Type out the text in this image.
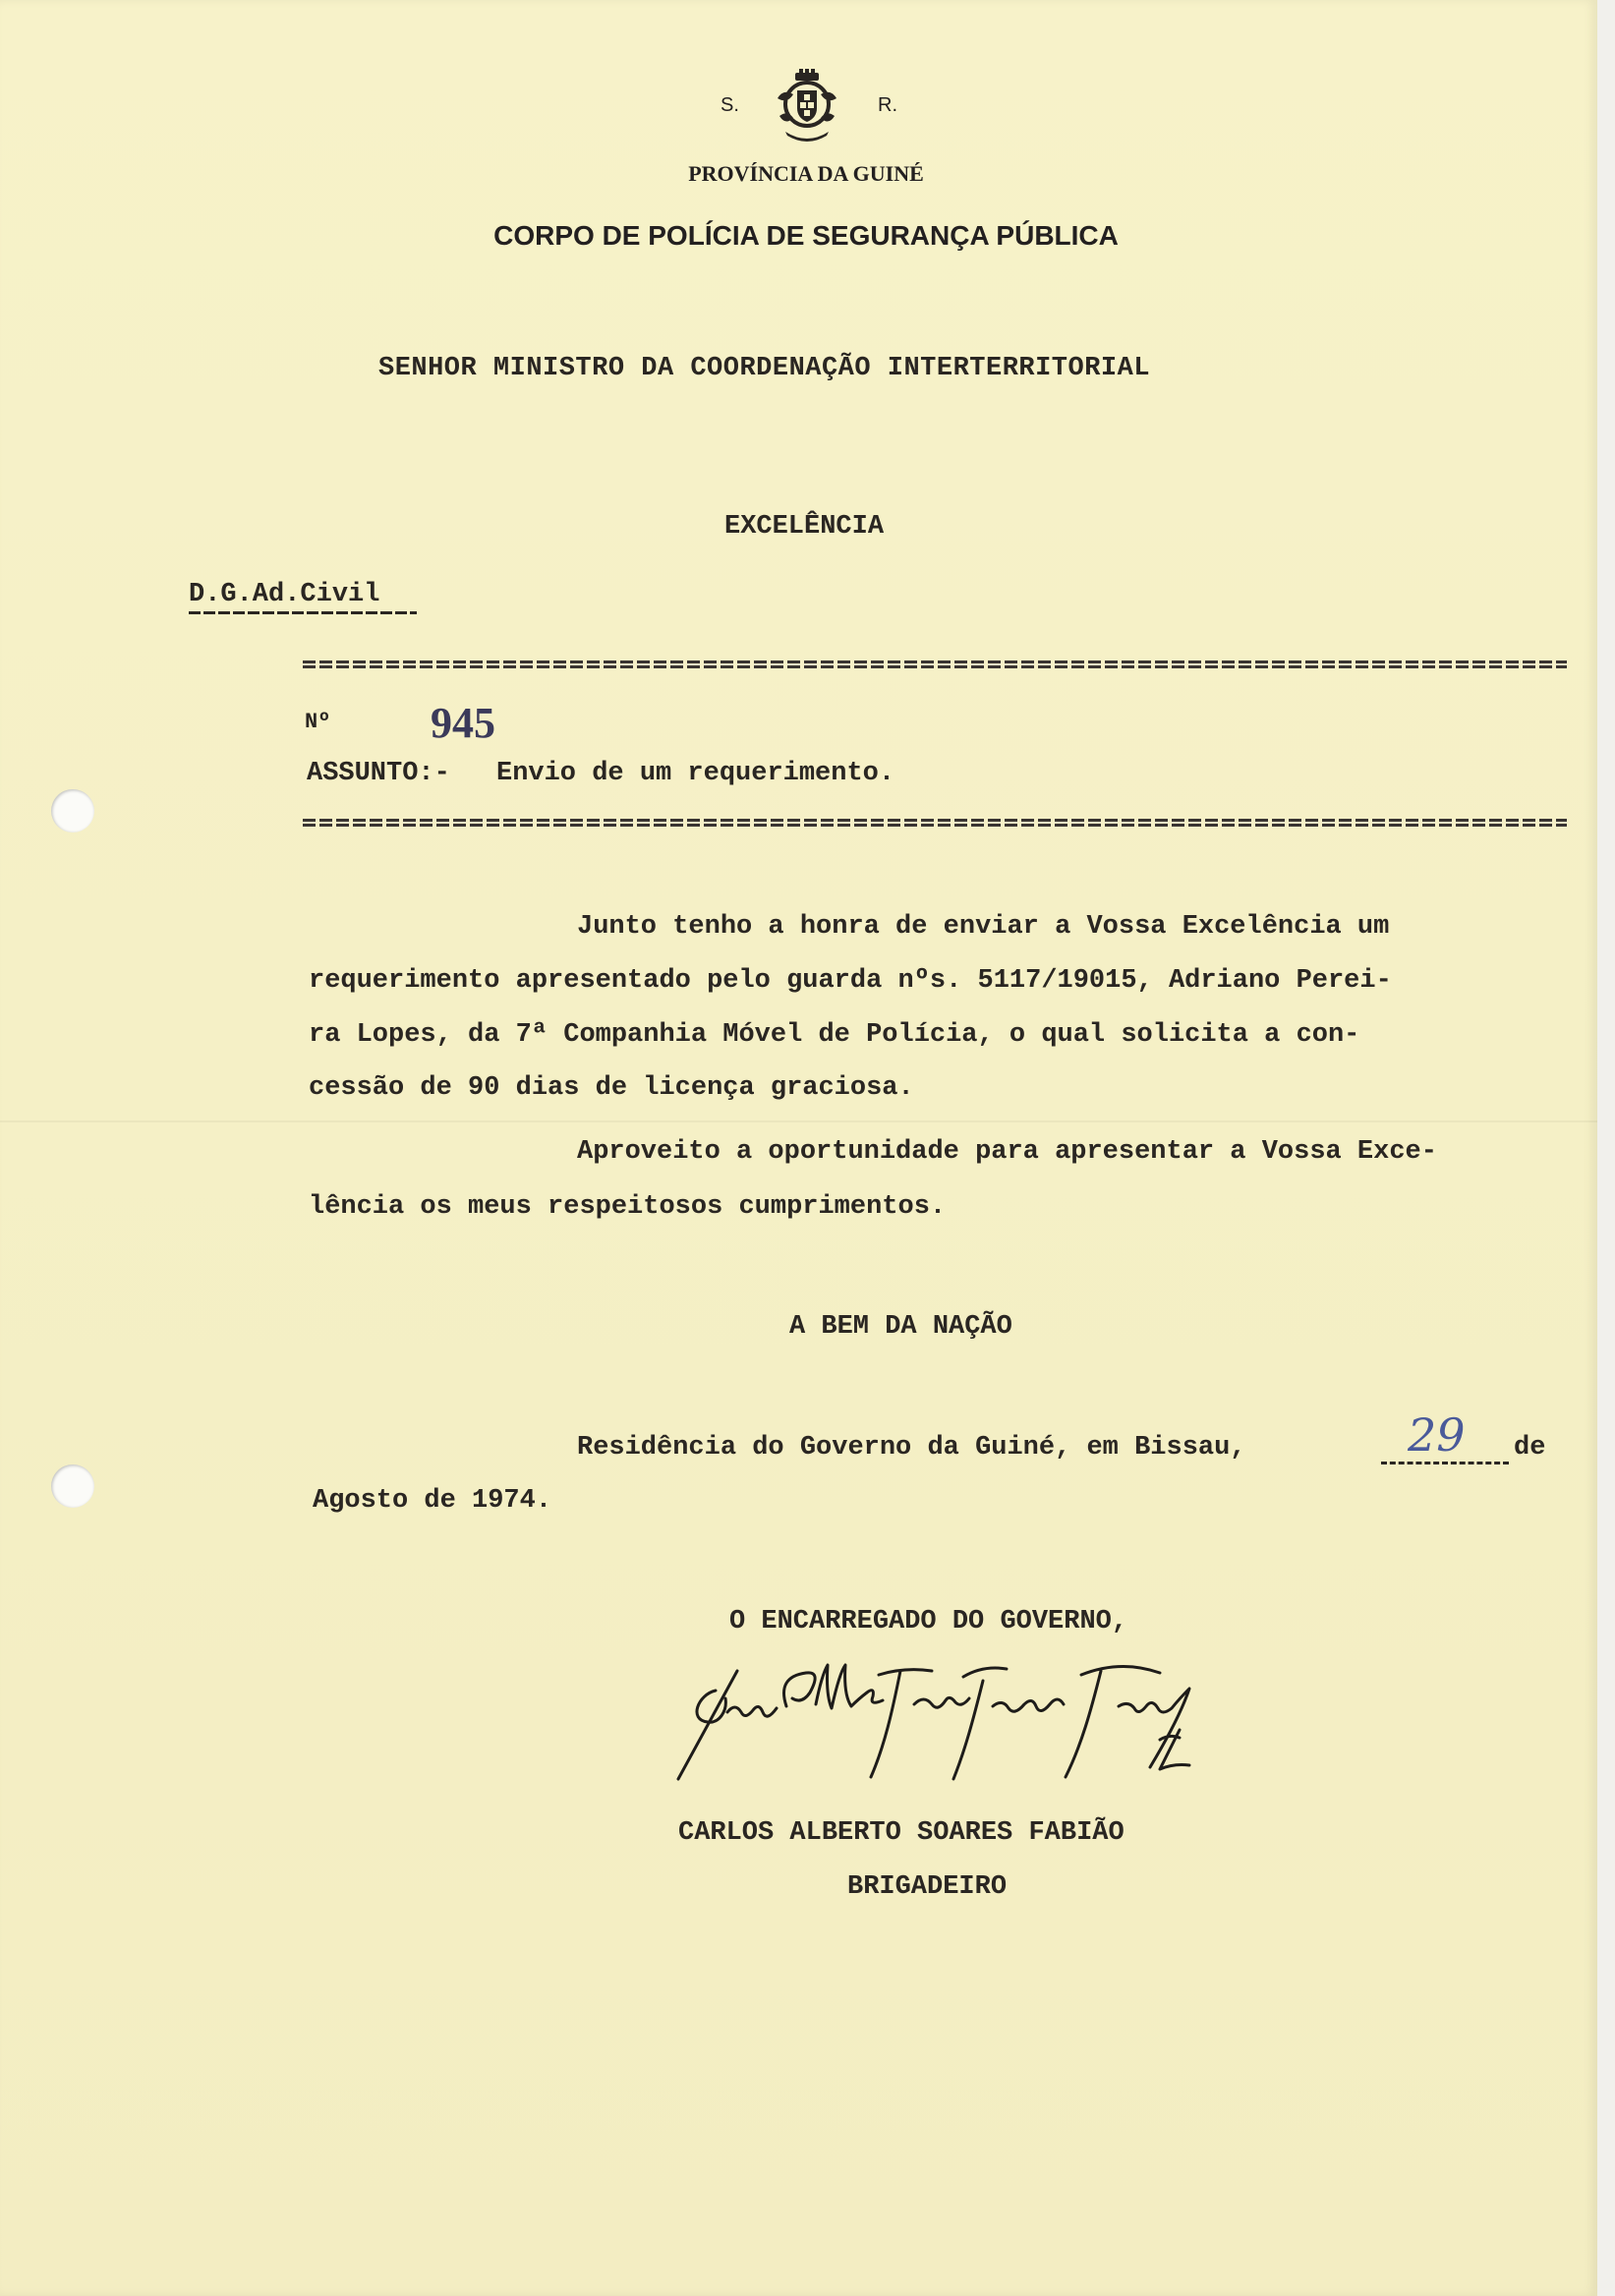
S.	R.

PROVÍNCIA DA GUINÉ

CORPO DE POLÍCIA DE SEGURANÇA PÚBLICA

SENHOR MINISTRO DA COORDENAÇÃO INTERTERRITORIAL

EXCELÊNCIA

D.G.Ad.Civil

Nº 945

ASSUNTO:- Envio de um requerimento.

Junto tenho a honra de enviar a Vossa Excelência um

requerimento apresentado pelo guarda nºs. 5117/19015, Adriano Perei-

ra Lopes, da 7ª Companhia Móvel de Polícia, o qual solicita a con-

cessão de 90 dias de licença graciosa.

Aproveito a oportunidade para apresentar a Vossa Exce-

lência os meus respeitosos cumprimentos.

A BEM DA NAÇÃO

Residência do Governo da Guiné, em Bissau,	29 de

Agosto de 1974.

O ENCARREGADO DO GOVERNO,

CARLOS ALBERTO SOARES FABIÃO

BRIGADEIRO
